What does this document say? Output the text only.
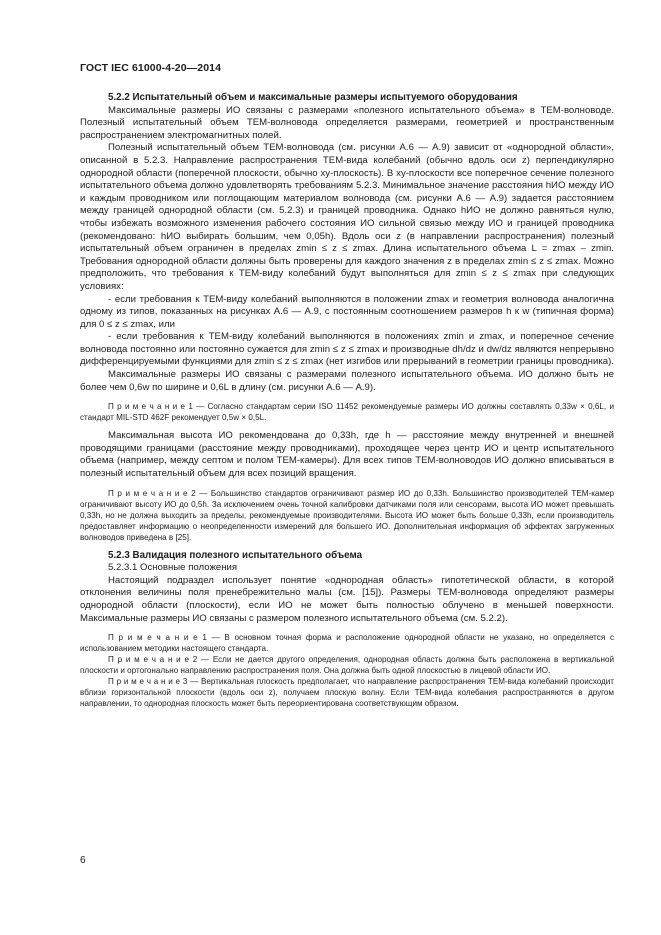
ГОСТ IEC 61000-4-20—2014

5.2.2 Испытательный объем и максимальные размеры испытуемого оборудования

Максимальные размеры ИО связаны с размерами «полезного испытательного объема» в ТЕМ-волноводе. Полезный испытательный объем ТЕМ-волновода определяется размерами, геометрией и пространственным распространением электромагнитных полей.

Полезный испытательный объем ТЕМ-волновода (см. рисунки А.6 — А.9) зависит от «однородной области», описанной в 5.2.3. Направление распространения ТЕМ-вида колебаний (обычно вдоль оси z) перпендикулярно однородной области (поперечной плоскости, обычно xy-плоскость). В xy-плоскости все поперечное сечение полезного испытательного объема должно удовлетворять требованиям 5.2.3. Минимальное значение расстояния hИО между ИО и каждым проводником или поглощающим материалом волновода (см. рисунки А.6 — А.9) задается расстоянием между границей однородной области (см. 5.2.3) и границей проводника. Однако hИО не должно равняться нулю, чтобы избежать возможного изменения рабочего состояния ИО сильной связью между ИО и границей проводника (рекомендовано: hИО выбирать большим, чем 0,05h). Вдоль оси z (в направлении распространения) полезный испытательный объем ограничен в пределах zmin ≤ z ≤ zmax. Длина испытательного объема L = zmax – zmin. Требования однородной области должны быть проверены для каждого значения z в пределах zmin ≤ z ≤ zmax. Можно предположить, что требования к ТЕМ-виду колебаний будут выполняться для zmin ≤ z ≤ zmax при следующих условиях:

- если требования к ТЕМ-виду колебаний выполняются в положении zmax и геометрия волновода аналогична одному из типов, показанных на рисунках А.6 — А.9, с постоянным соотношением размеров h к w (типичная форма) для 0 ≤ z ≤ zmax, или

- если требования к ТЕМ-виду колебаний выполняются в положениях zmin и zmax, и поперечное сечение волновода постоянно или постоянно сужается для zmin ≤ z ≤ zmax и производные dh/dz и dw/dz являются непрерывно дифференцируемыми функциями для zmin ≤ z ≤ zmax (нет изгибов или прерываний в геометрии границы проводника).

Максимальные размеры ИО связаны с размерами полезного испытательного объема. ИО должно быть не более чем 0,6w по ширине и 0,6L в длину (см. рисунки А.6 — А.9).

П р и м е ч а н и е 1 — Согласно стандартам серии ISO 11452 рекомендуемые размеры ИО должны составлять 0,33w × 0,6L, и стандарт MIL-STD 462F рекомендует 0,5w × 0,5L.

Максимальная высота ИО рекомендована до 0,33h, где h — расстояние между внутренней и внешней проводящими границами (расстояние между проводниками), проходящее через центр ИО и центр испытательного объема (например, между септом и полом ТЕМ-камеры). Для всех типов ТЕМ-волноводов ИО должно вписываться в полезный испытательный объем для всех позиций вращения.

П р и м е ч а н и е 2 — Большинство стандартов ограничивают размер ИО до 0,33h. Большинство производителей ТЕМ-камер ограничивают высоту ИО до 0,5h. За исключением очень точной калибровки датчиками поля или сенсорами, высота ИО может превышать 0,33h, но не должна выходить за пределы, рекомендуемые производителями. Высота ИО может быть больше 0,33h, если производитель предоставляет информацию о неопределенности измерений для большего ИО. Дополнительная информация об эффектах загруженных волноводов приведена в [25].

5.2.3 Валидация полезного испытательного объема

5.2.3.1 Основные положения

Настоящий подраздел использует понятие «однородная область» гипотетической области, в которой отклонения величины поля пренебрежительно малы (см. [15]). Размеры ТЕМ-волновода определяют размеры однородной области (плоскости), если ИО не может быть полностью облучено в меньшей поверхности. Максимальные размеры ИО связаны с размером полезного испытательного объема (см. 5.2.2).

П р и м е ч а н и е 1 — В основном точная форма и расположение однородной области не указано, но определяется с использованием методики настоящего стандарта.

П р и м е ч а н и е 2 — Если не дается другого определения, однородная область должна быть расположена в вертикальной плоскости и ортогонально направлению распространения поля. Она должна быть одной плоскостью в лицевой области ИО.

П р и м е ч а н и е 3 — Вертикальная плоскость предполагает, что направление распространения ТЕМ-вида колебаний происходит вблизи горизонтальной плоскости (вдоль оси z), получаем плоскую волну. Если ТЕМ-вида колебания распространяются в другом направлении, то однородная плоскость может быть переориентирована соответствующим образом.

6
